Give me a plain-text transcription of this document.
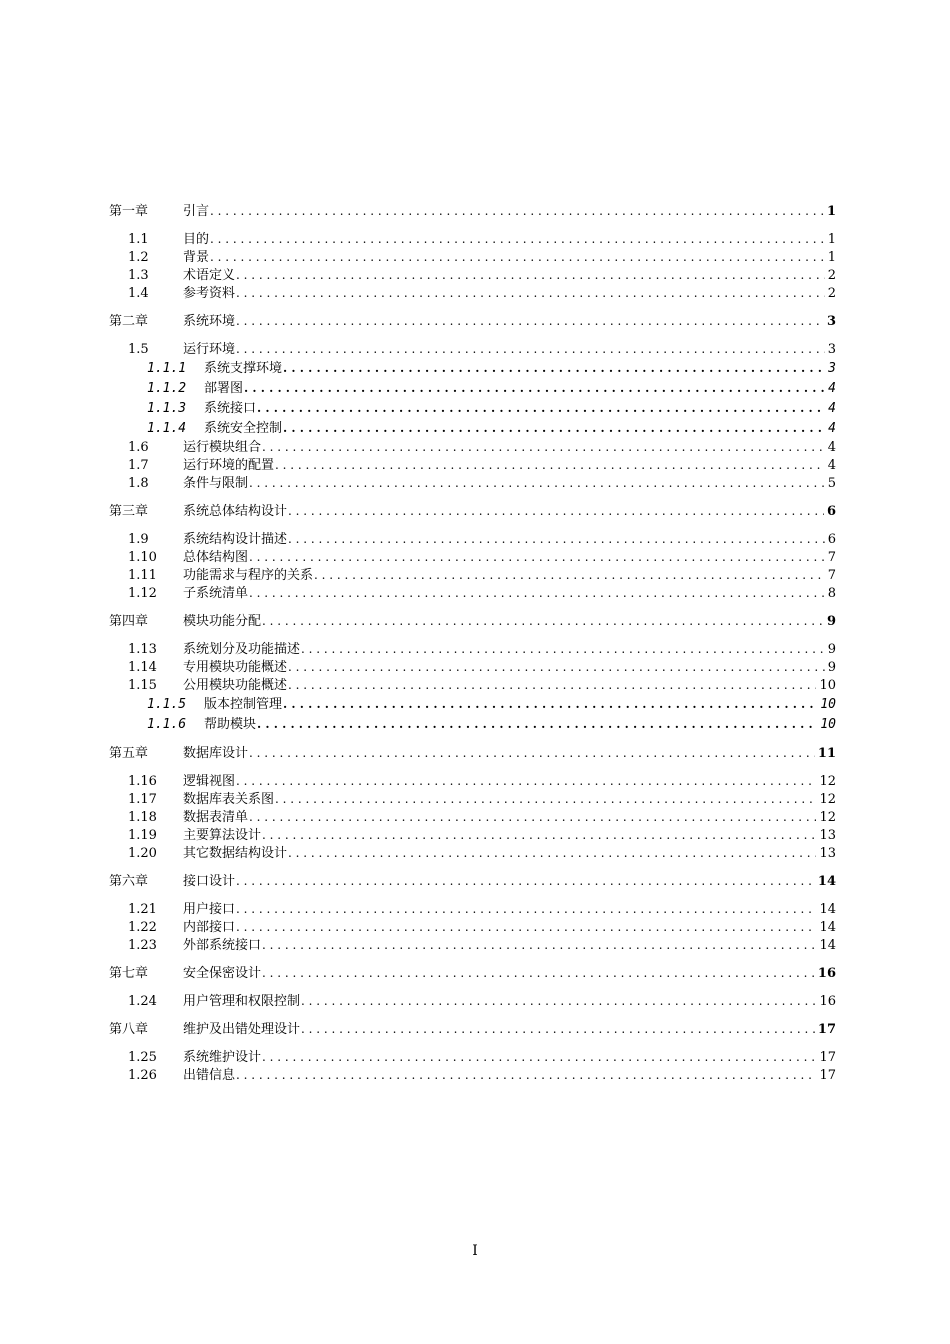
第一章	引言 . . .	1
1.1	目的 . . .	1
1.2	背景 . . .	1
1.3	术语定义 . . .	2
1.4	参考资料 . . .	2
第二章	系统环境 . . .	3
1.5	运行环境 . . .	3
1.1.1	系统支撑环境 . . .	3
1.1.2	部署图 . . .	4
1.1.3	系统接口 . . .	4
1.1.4	系统安全控制 . . .	4
1.6	运行模块组合 . . .	4
1.7	运行环境的配置 . . .	4
1.8	条件与限制 . . .	5
第三章	系统总体结构设计 . . .	6
1.9	系统结构设计描述 . . .	6
1.10	总体结构图 . . .	7
1.11	功能需求与程序的关系 . . .	7
1.12	子系统清单 . . .	8
第四章	模块功能分配 . . .	9
1.13	系统划分及功能描述 . . .	9
1.14	专用模块功能概述 . . .	9
1.15	公用模块功能概述 . . .	10
1.1.5	版本控制管理 . . .	10
1.1.6	帮助模块 . . .	10
第五章	数据库设计 . . .	11
1.16	逻辑视图 . . .	12
1.17	数据库表关系图 . . .	12
1.18	数据表清单 . . .	12
1.19	主要算法设计 . . .	13
1.20	其它数据结构设计 . . .	13
第六章	接口设计 . . .	14
1.21	用户接口 . . .	14
1.22	内部接口 . . .	14
1.23	外部系统接口 . . .	14
第七章	安全保密设计 . . .	16
1.24	用户管理和权限控制 . . .	16
第八章	维护及出错处理设计 . . .	17
1.25	系统维护设计 . . .	17
1.26	出错信息 . . .	17
I
